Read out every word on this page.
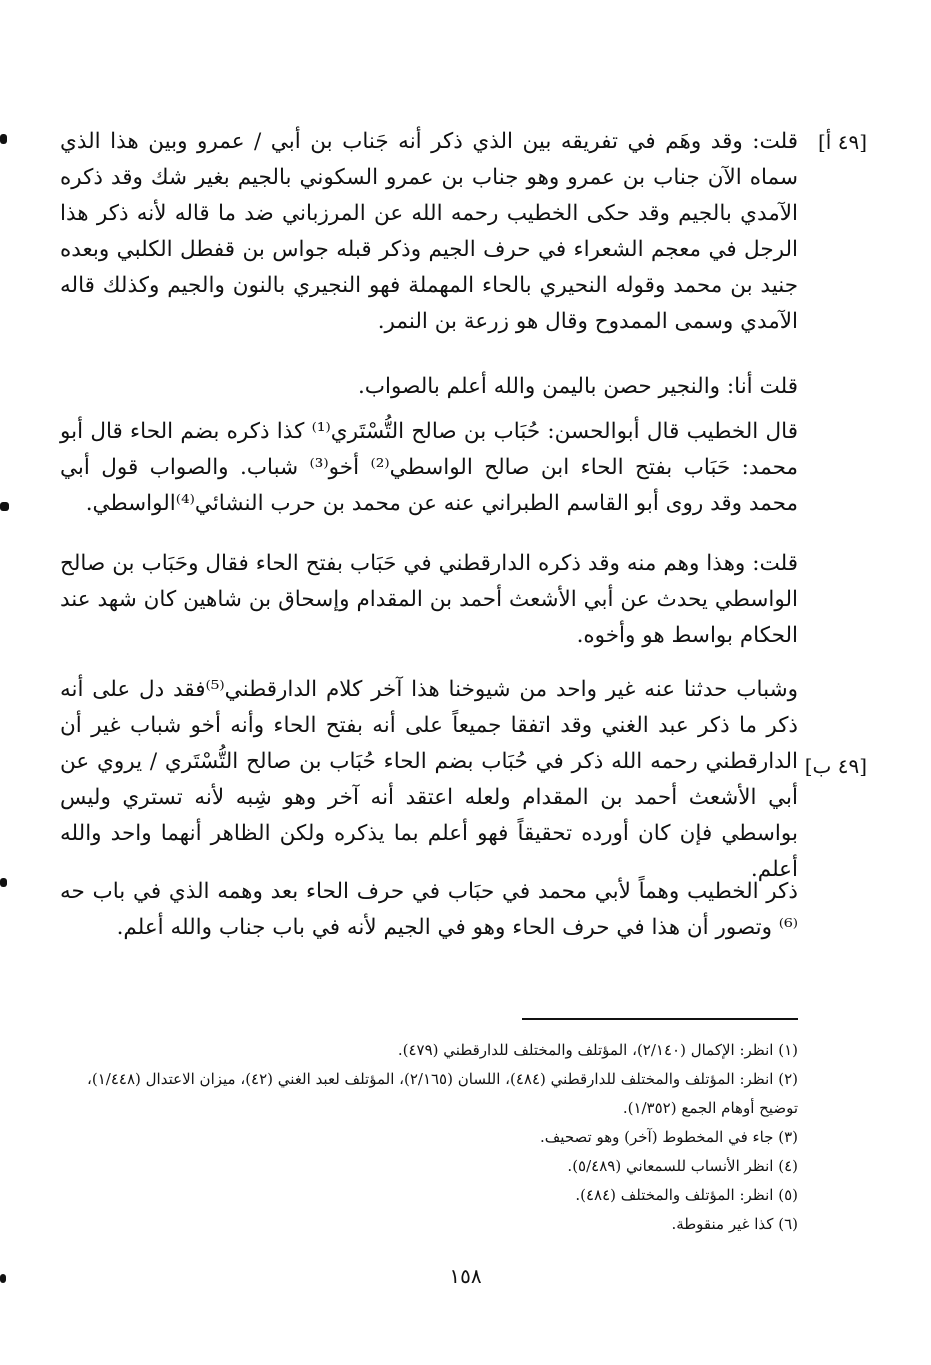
[٤٩ أ]
[٤٩ ب]

قلت: وقد وهَم في تفريقه بين الذي ذكر أنه جَناب بن أبي / عمرو وبين هذا الذي سماه الآن جناب بن عمرو وهو جناب بن عمرو السكوني بالجيم بغير شك وقد ذكره الآمدي بالجيم وقد حكى الخطيب رحمه الله عن المرزباني ضد ما قاله لأنه ذكر هذا الرجل في معجم الشعراء في حرف الجيم وذكر قبله جواس بن قفطل الكلبي وبعده جنيد بن محمد وقوله النحيري بالحاء المهملة فهو النجيري بالنون والجيم وكذلك قاله الآمدي وسمى الممدوح وقال هو زرعة بن النمر.

قلت أنا: والنجير حصن باليمن والله أعلم بالصواب.

قال الخطيب قال أبوالحسن: حُبَاب بن صالح التُّسْتَري⁽¹⁾ كذا ذكره بضم الحاء قال أبو محمد: حَبَاب بفتح الحاء ابن صالح الواسطي⁽²⁾ أخو⁽³⁾ شباب. والصواب قول أبي محمد وقد روى أبو القاسم الطبراني عنه عن محمد بن حرب النشائي⁽⁴⁾الواسطي.

قلت: وهذا وهم منه وقد ذكره الدارقطني في حَبَاب بفتح الحاء فقال وحَبَاب بن صالح الواسطي يحدث عن أبي الأشعث أحمد بن المقدام وإسحاق بن شاهين كان شهد عند الحكام بواسط هو وأخوه.

وشباب حدثنا عنه غير واحد من شيوخنا هذا آخر كلام الدارقطني⁽⁵⁾فقد دل على أنه ذكر ما ذكر عبد الغني وقد اتفقا جميعاً على أنه بفتح الحاء وأنه أخو شباب غير أن الدارقطني رحمه الله ذكر في حُبَاب بضم الحاء حُبَاب بن صالح التُّسْتَري / يروي عن أبي الأشعث أحمد بن المقدام ولعله اعتقد أنه آخر وهو شِبه لأنه تستري وليس بواسطي فإن كان أورده تحقيقاً فهو أعلم بما يذكره ولكن الظاهر أنهما واحد والله أعلم.

ذكر الخطيب وهماً لأبي محمد في حبَاب في حرف الحاء بعد وهمه الذي في باب حه ⁽⁶⁾ وتصور أن هذا في حرف الحاء وهو في الجيم لأنه في باب جناب والله أعلم.

(١) انظر: الإكمال (٢/١٤٠)، المؤتلف والمختلف للدارقطني (٤٧٩).

(٢) انظر: المؤتلف والمختلف للدارقطني (٤٨٤)، اللسان (٢/١٦٥)، المؤتلف لعبد الغني (٤٢)، ميزان الاعتدال (١/٤٤٨)، توضيح أوهام الجمع (١/٣٥٢).

(٣) جاء في المخطوط (آخر) وهو تصحيف.

(٤) انظر الأنساب للسمعاني (٥/٤٨٩).

(٥) انظر: المؤتلف والمختلف (٤٨٤).

(٦) كذا غير منقوطة.

١٥٨
